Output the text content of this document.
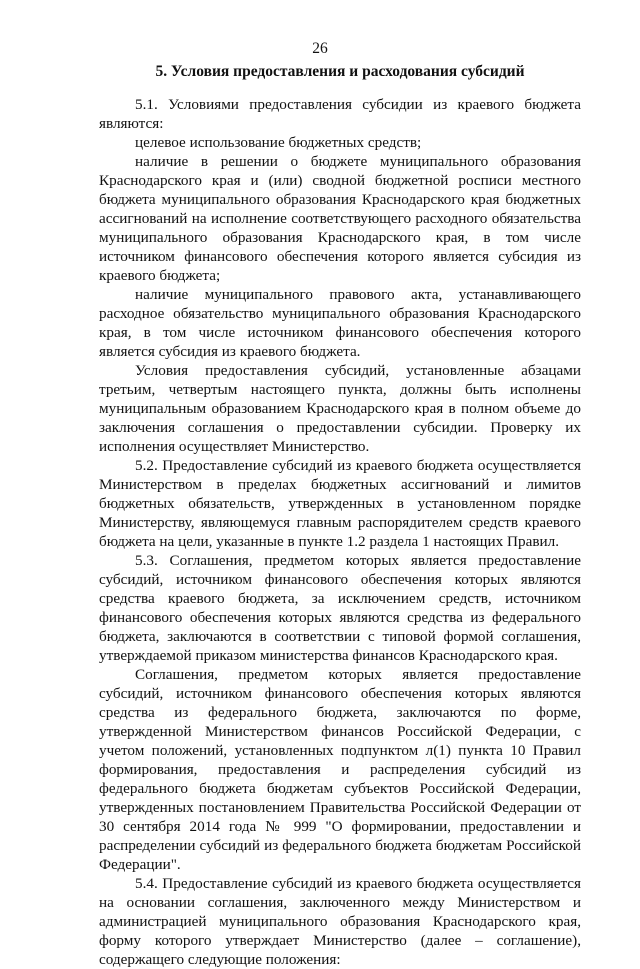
26
5. Условия предоставления и расходования субсидий

5.1. Условиями предоставления субсидии из краевого бюджета являются:

целевое использование бюджетных средств;

наличие в решении о бюджете муниципального образования Краснодарского края и (или) сводной бюджетной росписи местного бюджета муниципального образования Краснодарского края бюджетных ассигнований на исполнение соответствующего расходного обязательства муниципального образования Краснодарского края, в том числе источником финансового обеспечения которого является субсидия из краевого бюджета;

наличие муниципального правового акта, устанавливающего расходное обязательство муниципального образования Краснодарского края, в том числе источником финансового обеспечения которого является субсидия из краевого бюджета.

Условия предоставления субсидий, установленные абзацами третьим, четвертым настоящего пункта, должны быть исполнены муниципальным образованием Краснодарского края в полном объеме до заключения соглашения о предоставлении субсидии. Проверку их исполнения осуществляет Министерство.

5.2. Предоставление субсидий из краевого бюджета осуществляется Министерством в пределах бюджетных ассигнований и лимитов бюджетных обязательств, утвержденных в установленном порядке Министерству, являющемуся главным распорядителем средств краевого бюджета на цели, указанные в пункте 1.2 раздела 1 настоящих Правил.

5.3. Соглашения, предметом которых является предоставление субсидий, источником финансового обеспечения которых являются средства краевого бюджета, за исключением средств, источником финансового обеспечения которых являются средства из федерального бюджета, заключаются в соответствии с типовой формой соглашения, утверждаемой приказом министерства финансов Краснодарского края.

Соглашения, предметом которых является предоставление субсидий, источником финансового обеспечения которых являются средства из федерального бюджета, заключаются по форме, утвержденной Министерством финансов Российской Федерации, с учетом положений, установленных подпунктом л(1) пункта 10 Правил формирования, предоставления и распределения субсидий из федерального бюджета бюджетам субъектов Российской Федерации, утвержденных постановлением Правительства Российской Федерации от 30 сентября 2014 года № 999 "О формировании, предоставлении и распределении субсидий из федерального бюджета бюджетам Российской Федерации".

5.4. Предоставление субсидий из краевого бюджета осуществляется на основании соглашения, заключенного между Министерством и администрацией муниципального образования Краснодарского края, форму которого утверждает Министерство (далее – соглашение), содержащего следующие положения:
